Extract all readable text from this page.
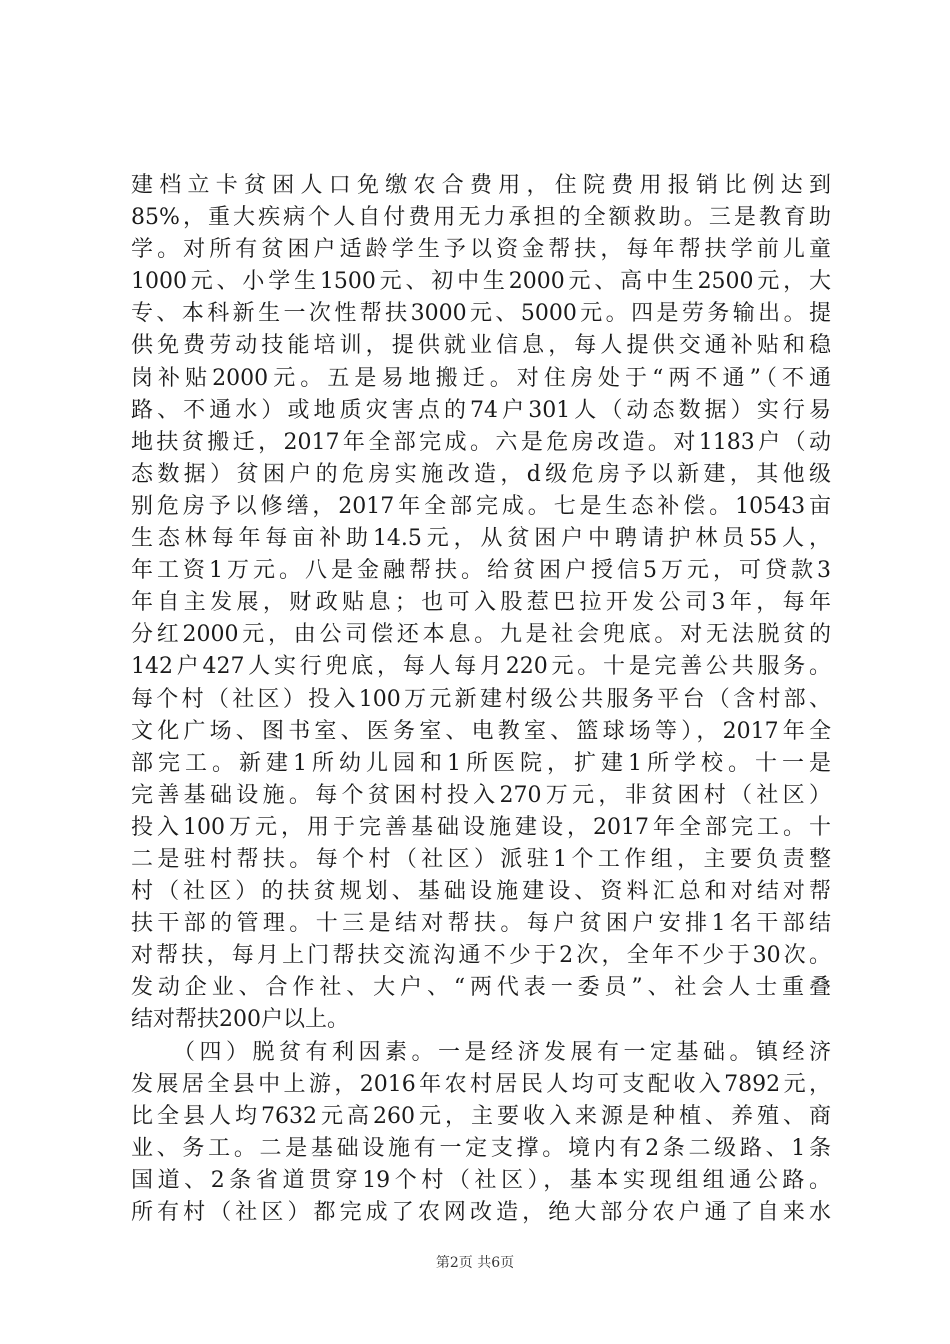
建档立卡贫困人口免缴农合费用，住院费用报销比例达到
85%，重大疾病个人自付费用无力承担的全额救助。三是教育助
学。对所有贫困户适龄学生予以资金帮扶，每年帮扶学前儿童
1000元、小学生1500元、初中生2000元、高中生2500元，大
专、本科新生一次性帮扶3000元、5000元。四是劳务输出。提
供免费劳动技能培训，提供就业信息，每人提供交通补贴和稳
岗补贴2000元。五是易地搬迁。对住房处于“两不通”（不通
路、不通水）或地质灾害点的74户301人（动态数据）实行易
地扶贫搬迁，2017年全部完成。六是危房改造。对1183户（动
态数据）贫困户的危房实施改造，d级危房予以新建，其他级
别危房予以修缮，2017年全部完成。七是生态补偿。10543亩
生态林每年每亩补助14.5元，从贫困户中聘请护林员55人，
年工资1万元。八是金融帮扶。给贫困户授信5万元，可贷款3
年自主发展，财政贴息；也可入股惹巴拉开发公司3年，每年
分红2000元，由公司偿还本息。九是社会兜底。对无法脱贫的
142户427人实行兜底，每人每月220元。十是完善公共服务。
每个村（社区）投入100万元新建村级公共服务平台（含村部、
文化广场、图书室、医务室、电教室、篮球场等），2017年全
部完工。新建1所幼儿园和1所医院，扩建1所学校。十一是
完善基础设施。每个贫困村投入270万元，非贫困村（社区）
投入100万元，用于完善基础设施建设，2017年全部完工。十
二是驻村帮扶。每个村（社区）派驻1个工作组，主要负责整
村（社区）的扶贫规划、基础设施建设、资料汇总和对结对帮
扶干部的管理。十三是结对帮扶。每户贫困户安排1名干部结
对帮扶，每月上门帮扶交流沟通不少于2次，全年不少于30次。
发动企业、合作社、大户、“两代表一委员”、社会人士重叠
结对帮扶200户以上。
　　（四）脱贫有利因素。一是经济发展有一定基础。镇经济
发展居全县中上游，2016年农村居民人均可支配收入7892元，
比全县人均7632元高260元，主要收入来源是种植、养殖、商
业、务工。二是基础设施有一定支撑。境内有2条二级路、1条
国道、2条省道贯穿19个村（社区），基本实现组组通公路。
所有村（社区）都完成了农网改造，绝大部分农户通了自来水
第2页 共6页
